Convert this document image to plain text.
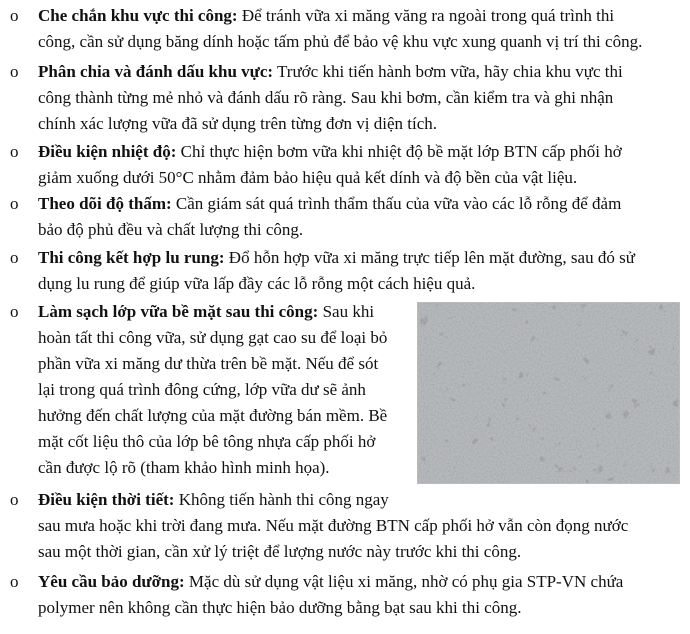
o Che chắn khu vực thi công: Để tránh vữa xi măng văng ra ngoài trong quá trình thi
công, cần sử dụng băng dính hoặc tấm phủ để bảo vệ khu vực xung quanh vị trí thi công.
o Phân chia và đánh dấu khu vực: Trước khi tiến hành bơm vữa, hãy chia khu vực thi
công thành từng mẻ nhỏ và đánh dấu rõ ràng. Sau khi bơm, cần kiểm tra và ghi nhận
chính xác lượng vữa đã sử dụng trên từng đơn vị diện tích.
o Điều kiện nhiệt độ: Chỉ thực hiện bơm vữa khi nhiệt độ bề mặt lớp BTN cấp phối hở
giảm xuống dưới 50°C nhằm đảm bảo hiệu quả kết dính và độ bền của vật liệu.
o Theo dõi độ thấm: Cần giám sát quá trình thẩm thấu của vữa vào các lỗ rỗng để đảm
bảo độ phủ đều và chất lượng thi công.
o Thi công kết hợp lu rung: Đổ hỗn hợp vữa xi măng trực tiếp lên mặt đường, sau đó sử
dụng lu rung để giúp vữa lấp đầy các lỗ rỗng một cách hiệu quả.
o Làm sạch lớp vữa bề mặt sau thi công: Sau khi
hoàn tất thi công vữa, sử dụng gạt cao su để loại bỏ
phần vữa xi măng dư thừa trên bề mặt. Nếu để sót
lại trong quá trình đông cứng, lớp vữa dư sẽ ảnh
hưởng đến chất lượng của mặt đường bán mềm. Bề
mặt cốt liệu thô của lớp bê tông nhựa cấp phối hở
cần được lộ rõ (tham khảo hình minh họa).
o Điều kiện thời tiết: Không tiến hành thi công ngay
sau mưa hoặc khi trời đang mưa. Nếu mặt đường BTN cấp phối hở vẫn còn đọng nước
sau một thời gian, cần xử lý triệt để lượng nước này trước khi thi công.
o Yêu cầu bảo dưỡng: Mặc dù sử dụng vật liệu xi măng, nhờ có phụ gia STP-VN chứa
polymer nên không cần thực hiện bảo dưỡng bằng bạt sau khi thi công.
